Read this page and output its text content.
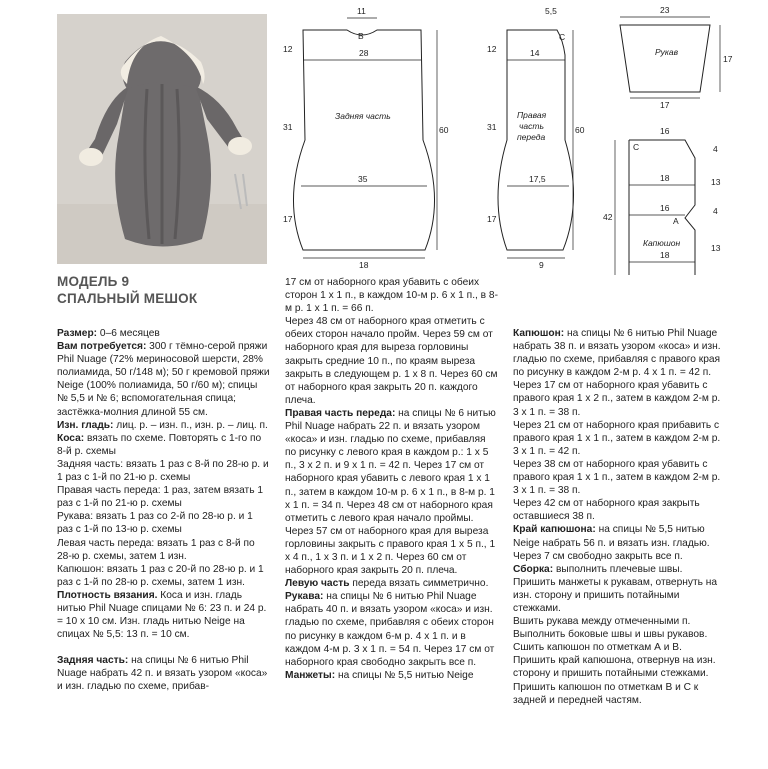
11
B
28
12
31
17
60
Задняя часть
35
18
5,5
C
14
12
31
17
60
Правая
часть
переда
17,5
9
23
Рукав
17
17
16
C
18
16
A
Капюшон
18
42
4
13
4
13
МОДЕЛЬ 9
СПАЛЬНЫЙ МЕШОК

Размер: 0–6 месяцев

Вам потребуется: 300 г тёмно-серой пряжи Phil Nuage (72% мериносовой шерсти, 28% полиамида, 50 г/148 м); 50 г кремовой пряжи Neige (100% полиамида, 50 г/60 м); спицы № 5,5 и № 6; вспомогательная спица; застёжка-молния длиной 55 см.

Изн. гладь: лиц. р. – изн. п., изн. р. – лиц. п.

Коса: вязать по схеме. Повторять с 1-го по 8-й р. схемы

Задняя часть: вязать 1 раз с 8-й по 28-ю р. и 1 раз с 1-й по 21-ю р. схемы

Правая часть переда: 1 раз, затем вязать 1 раз с 1-й по 21-ю р. схемы

Рукава: вязать 1 раз со 2-й по 28-ю р. и 1 раз с 1-й по 13-ю р. схемы

Левая часть переда: вязать 1 раз с 8-й по 28-ю р. схемы, затем 1 изн.

Капюшон: вязать 1 раз с 20-й по 28-ю р. и 1 раз с 1-й по 28-ю р. схемы, затем 1 изн.

Плотность вязания. Коса и изн. гладь нитью Phil Nuage спицами № 6: 23 п. и 24 р. = 10 x 10 см. Изн. гладь нитью Neige на спицах № 5,5: 13 п. = 10 см.

Задняя часть: на спицы № 6 нитью Phil Nuage набрать 42 п. и вязать узором «коса» и изн. гладью по схеме, прибав-

17 см от наборного края убавить с обеих сторон 1 х 1 п., в каждом 10-м р. 6 х 1 п., в 8-м р. 1 х 1 п. = 66 п.

Через 48 см от наборного края отметить с обеих сторон начало пройм. Через 59 см от наборного края для выреза горловины закрыть средние 10 п., по краям выреза закрыть в следующем р. 1 х 8 п. Через 60 см от наборного края закрыть 20 п. каждого плеча.

Правая часть переда: на спицы № 6 нитью Phil Nuage набрать 22 п. и вязать узором «коса» и изн. гладью по схеме, прибавляя по рисунку с левого края в каждом р.: 1 х 5 п., 3 х 2 п. и 9 х 1 п. = 42 п. Через 17 см от наборного края убавить с левого края 1 х 1 п., затем в каждом 10-м р. 6 х 1 п., в 8-м р. 1 х 1 п. = 34 п. Через 48 см от наборного края отметить с левого края начало проймы. Через 57 см от наборного края для выреза горловины закрыть с правого края 1 х 5 п., 1 х 4 п., 1 х 3 п. и 1 х 2 п. Через 60 см от наборного края закрыть 20 п. плеча.

Левую часть переда вязать симметрично.

Рукава: на спицы № 6 нитью Phil Nuage набрать 40 п. и вязать узором «коса» и изн. гладью по схеме, прибавляя с обеих сторон по рисунку в каждом 6-м р. 4 х 1 п. и в каждом 4-м р. 3 х 1 п. = 54 п. Через 17 см от наборного края свободно закрыть все п.

Манжеты: на спицы № 5,5 нитью Neige

Капюшон: на спицы № 6 нитью Phil Nuage набрать 38 п. и вязать узором «коса» и изн. гладью по схеме, прибавляя с правого края по рисунку в каждом 2-м р. 4 х 1 п. = 42 п.

Через 17 см от наборного края убавить с правого края 1 х 2 п., затем в каждом 2-м р. 3 х 1 п. = 38 п.

Через 21 см от наборного края прибавить с правого края 1 х 1 п., затем в каждом 2-м р. 3 х 1 п. = 42 п.

Через 38 см от наборного края убавить с правого края 1 х 1 п., затем в каждом 2-м р. 3 х 1 п. = 38 п.

Через 42 см от наборного края закрыть оставшиеся 38 п.

Край капюшона: на спицы № 5,5 нитью Neige набрать 56 п. и вязать изн. гладью. Через 7 см свободно закрыть все п.

Сборка: выполнить плечевые швы.

Пришить манжеты к рукавам, отвернуть на изн. сторону и пришить потайными стежками.

Вшить рукава между отмеченными п. Выполнить боковые швы и швы рукавов.

Сшить капюшон по отметкам А и В.

Пришить край капюшона, отвернув на изн. сторону и пришить потайными стежками.

Пришить капюшон по отметкам В и С к задней и передней частям.
